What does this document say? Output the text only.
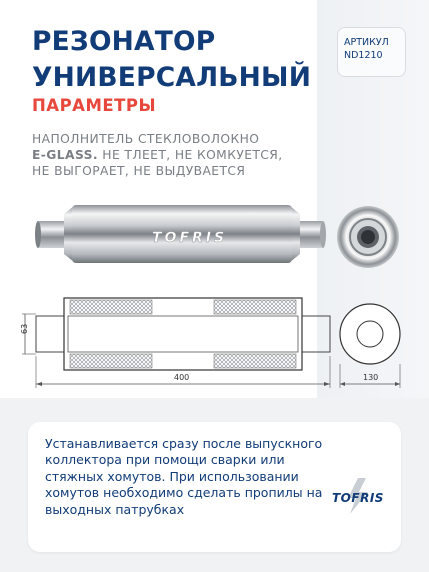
РЕЗОНАТОР
УНИВЕРСАЛЬНЫЙ
ПАРАМЕТРЫ
НАПОЛНИТЕЛЬ СТЕКЛОВОЛОКНО
E-GLASS. НЕ ТЛЕЕТ, НЕ КОМКУЕТСЯ,
НЕ ВЫГОРАЕТ, НЕ ВЫДУВАЕТСЯ
АРТИКУЛ
ND1210
TOFRIS
63
400	130
Устанавливается сразу после выпускного коллектора при помощи сварки или стяжных хомутов. При использовании хомутов необходимо сделать пропилы на выходных патрубках
TOFRIS
